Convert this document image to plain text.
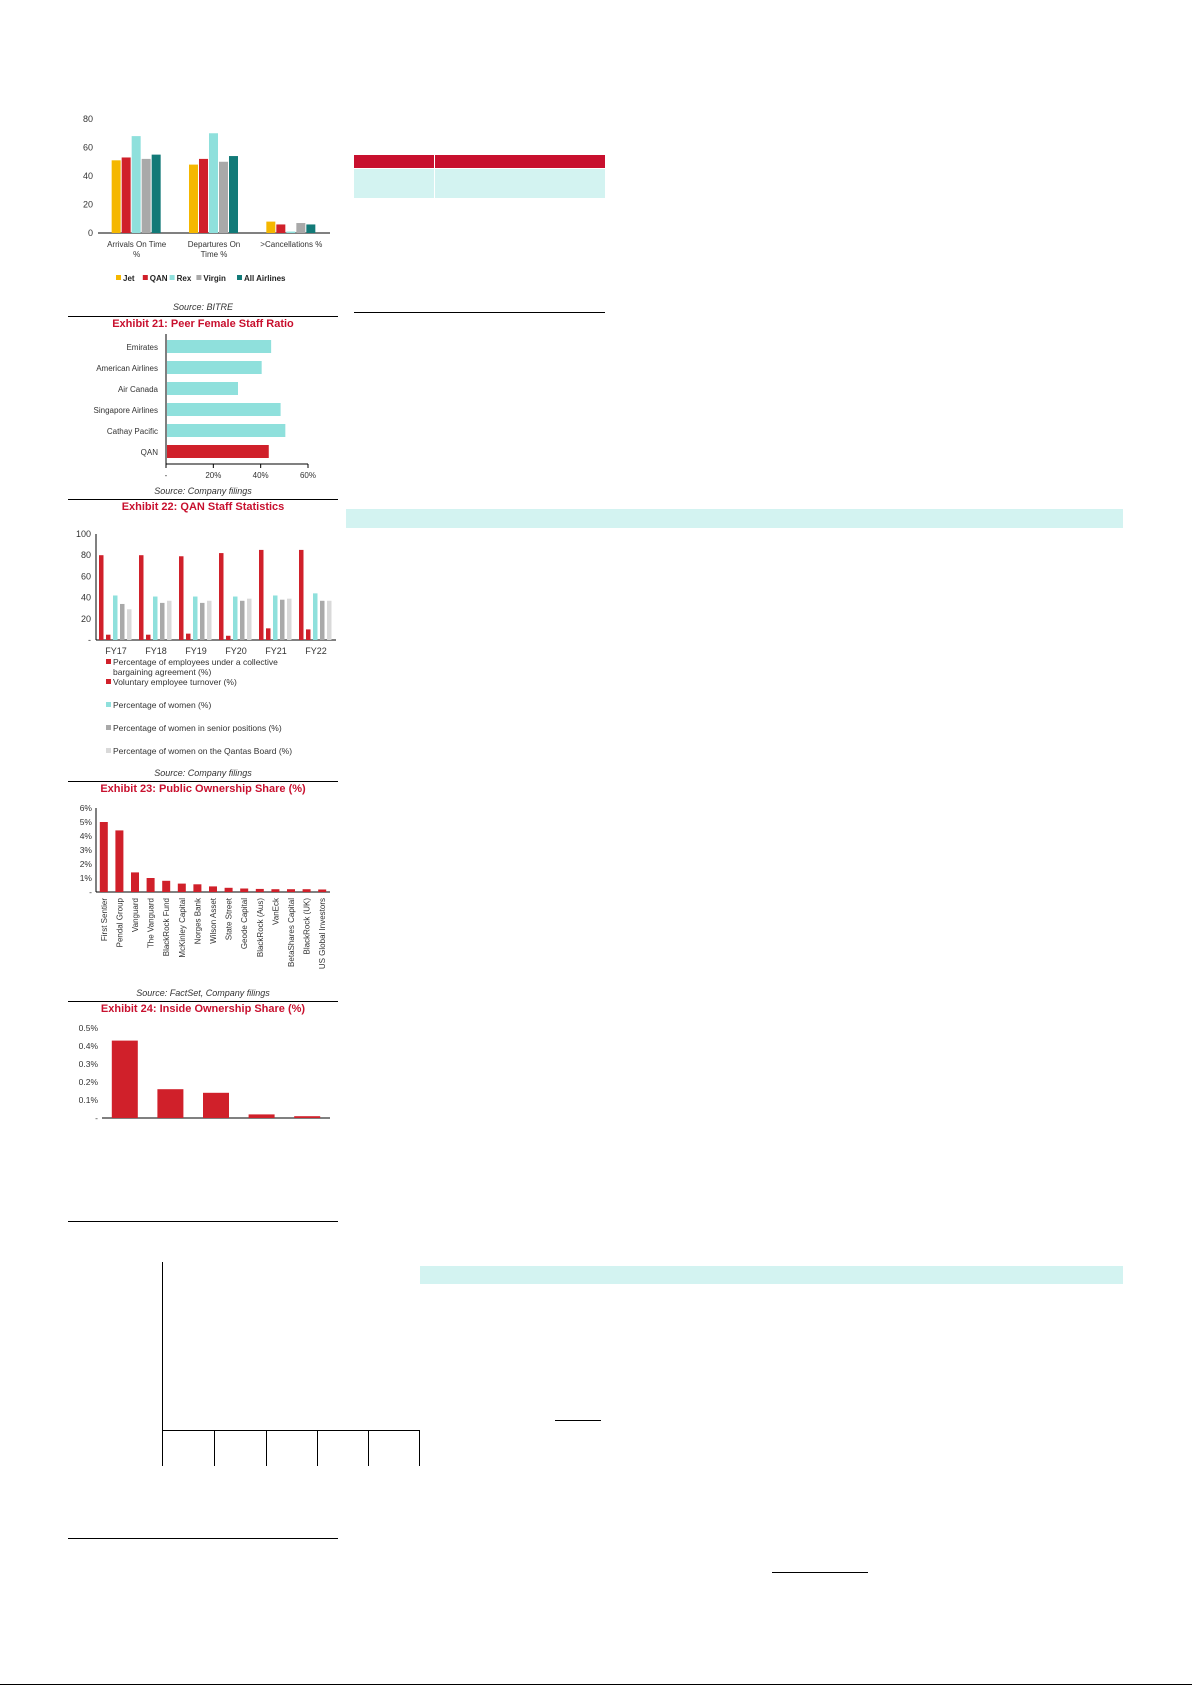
0
20
40
60
80
Arrivals On Time
%
Departures On
Time %
>Cancellations %
Jet QAN Rex Virgin All Airlines
Source: BITRE
Exhibit 21: Peer Female Staff Ratio
Emirates
American Airlines
Air Canada
Singapore Airlines
Cathay Pacific
QAN
-	20%	40%	60%
Source: Company filings
Exhibit 22: QAN Staff Statistics
-
20
40
60
80
100
FY17 FY18 FY19 FY20 FY21 FY22
Percentage of employees under a collective
bargaining agreement (%)
Voluntary employee turnover (%)
Percentage of women (%)
Percentage of women in senior positions (%)
Percentage of women on the Qantas Board (%)
Source: Company filings
Exhibit 23: Public Ownership Share (%)
-
1%
2%
3%
4%
5%
6%
First Sentier Pendal Group Vanguard The Vanguard BlackRock Fund McKinley Capital Norges Bank Wilson Asset State Street Geode Capital BlackRock (Aus) VanEck BetaShares Capital BlackRock (UK) US Global Investors
Source: FactSet, Company filings
Exhibit 24: Inside Ownership Share (%)
-
0.1%
0.2%
0.3%
0.4%
0.5%
